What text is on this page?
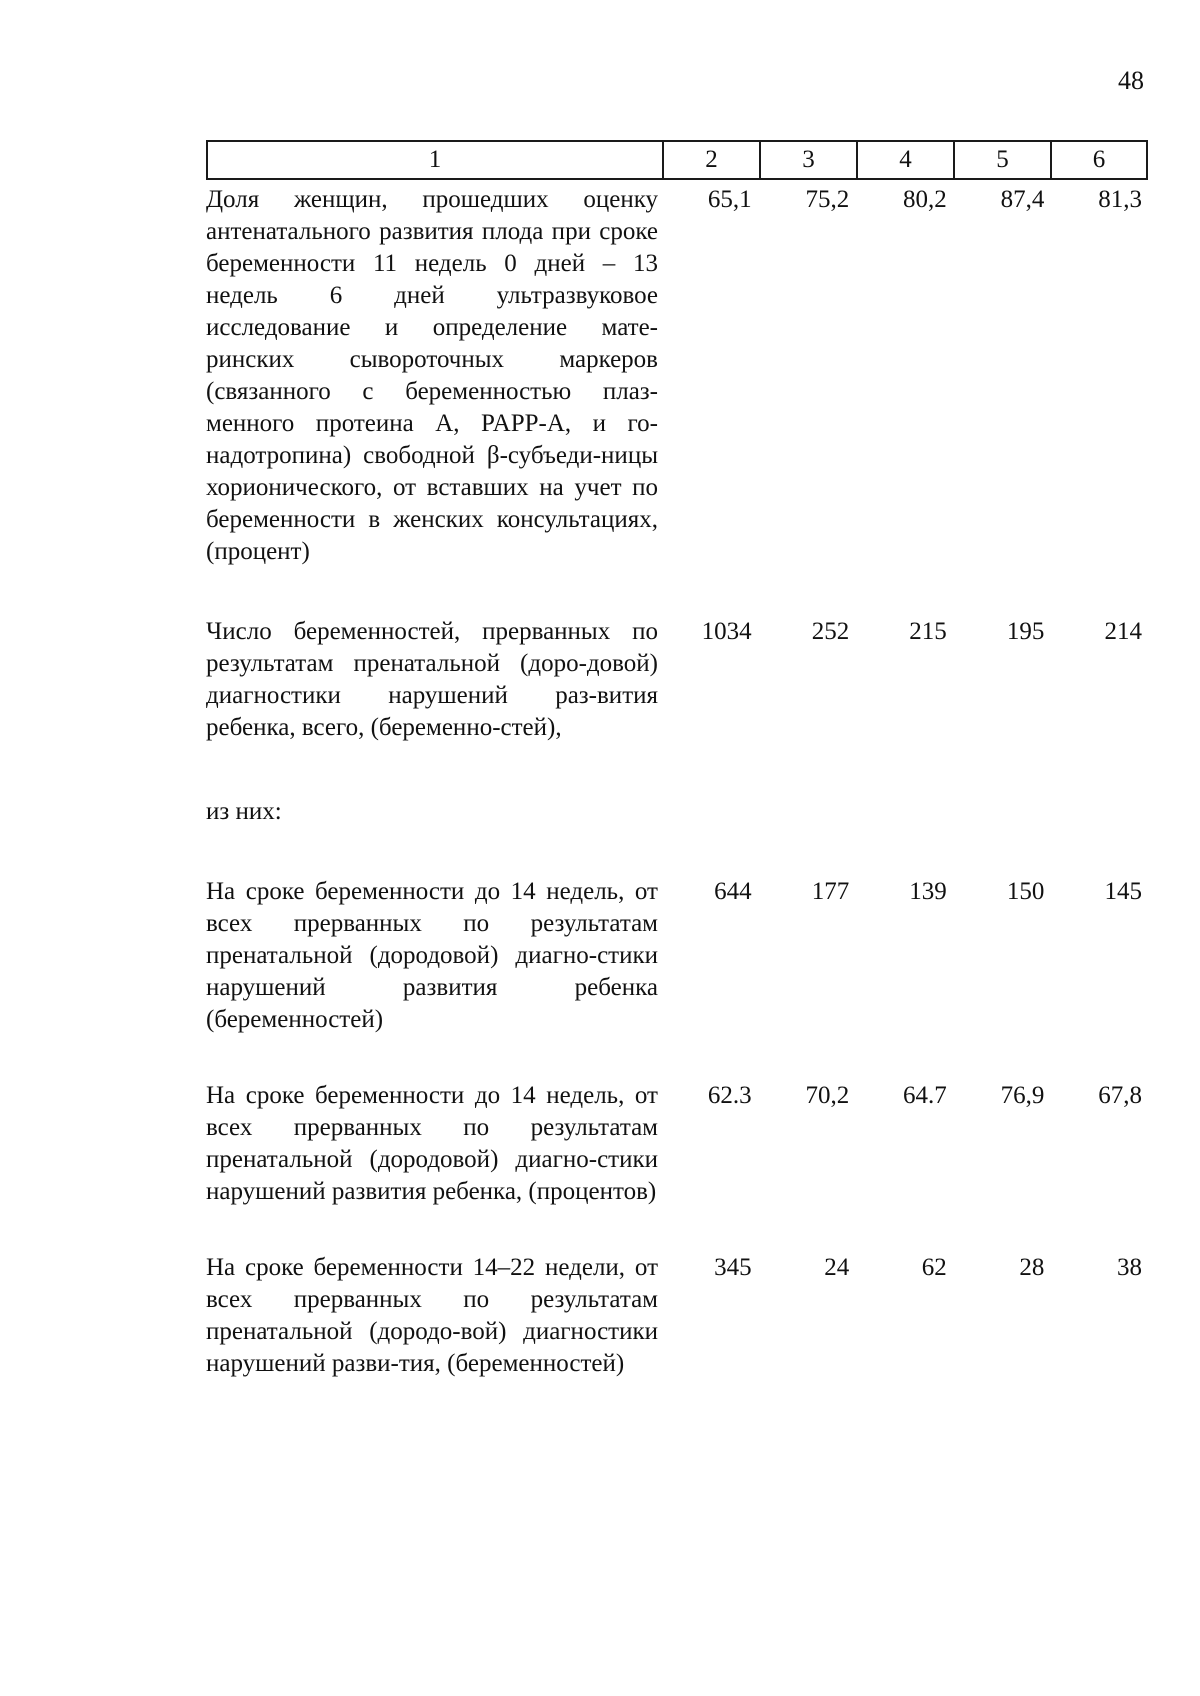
48
1	2	3	4	5	6
Доля женщин, прошедших оценку антенатального развития плода при сроке беременности 11 недель 0 дней – 13 недель 6 дней ультразвуковое исследование и определение мате-ринских сывороточных маркеров (связанного с беременностью плаз-менного протеина А, PAPP-A, и го-надотропина) свободной β-субъеди-ницы хорионического, от вставших на учет по беременности в женских консультациях, (процент)
65,1	75,2	80,2	87,4	81,3
Число беременностей, прерванных по результатам пренатальной (доро-довой) диагностики нарушений раз-вития ребенка, всего, (беременно-стей),
1034	252	215	195	214
из них:
На сроке беременности до 14 недель, от всех прерванных по результатам пренатальной (дородовой) диагно-стики нарушений развития ребенка (беременностей)
644	177	139	150	145
На сроке беременности до 14 недель, от всех прерванных по результатам пренатальной (дородовой) диагно-стики нарушений развития ребенка, (процентов)
62.3	70,2	64.7	76,9	67,8
На сроке беременности 14–22 недели, от всех прерванных по результатам пренатальной (дородо-вой) диагностики нарушений разви-тия, (беременностей)
345	24	62	28	38
